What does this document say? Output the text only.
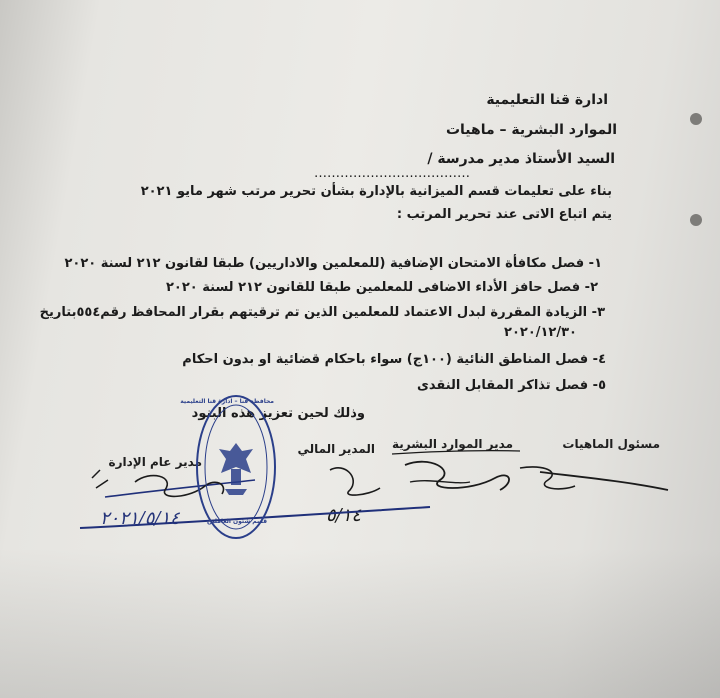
ادارة قنا التعليمية
الموارد البشرية – ماهيات
السيد الأستاذ مدير مدرسة /
………………………………
بناء على تعليمات قسم الميزانية بالإدارة بشأن تحرير مرتب شهر مايو ٢٠٢١
يتم اتباع الاتى عند تحرير المرتب :
١- فصل مكافأة الامتحان الإضافية (للمعلمين والاداريين) طبقا لقانون ٢١٢ لسنة ٢٠٢٠
٢- فصل حافز الأداء الاضافى للمعلمين طبقا للقانون ٢١٢ لسنة ٢٠٢٠
٣- الزيادة المقررة لبدل الاعتماد للمعلمين الذين تم ترقيتهم بقرار المحافظ رقم٥٥٤بتاريخ
٢٠٢٠/١٢/٣٠
٤- فصل المناطق النائية (١٠٠ج) سواء باحكام قضائية او بدون احكام
٥- فصل تذاكر المقابل النقدى
وذلك لحين تعزيز هذه البنود
مسئول الماهيات
مدير الموارد البشرية
المدير المالي
مدير عام الإدارة
٢٠٢١/٥/١٤	٥/١٤
محافظة قنا – ادارة قنا التعليمية
قسم شئون العاملين
